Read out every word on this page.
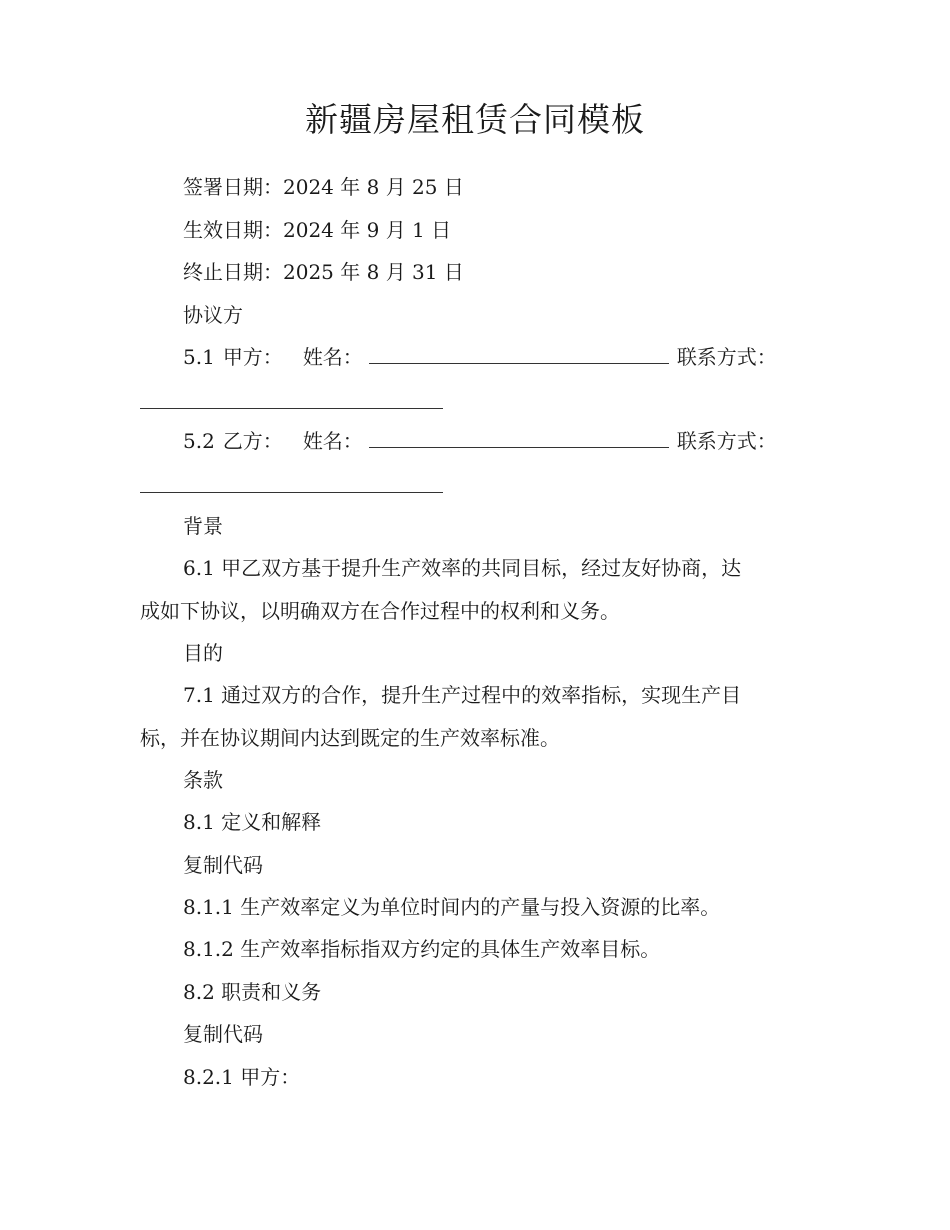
新疆房屋租赁合同模板

签署日期：2024 年 8 月 25 日

生效日期：2024 年 9 月 1 日

终止日期：2025 年 8 月 31 日

协议方

5.1 甲方： 姓名：	联系方式：

5.2 乙方： 姓名：	联系方式：

背景

6.1 甲乙双方基于提升生产效率的共同目标，经过友好协商，达

成如下协议，以明确双方在合作过程中的权利和义务。

目的

7.1 通过双方的合作，提升生产过程中的效率指标，实现生产目

标，并在协议期间内达到既定的生产效率标准。

条款

8.1 定义和解释

复制代码

8.1.1 生产效率定义为单位时间内的产量与投入资源的比率。

8.1.2 生产效率指标指双方约定的具体生产效率目标。

8.2 职责和义务

复制代码

8.2.1 甲方：
